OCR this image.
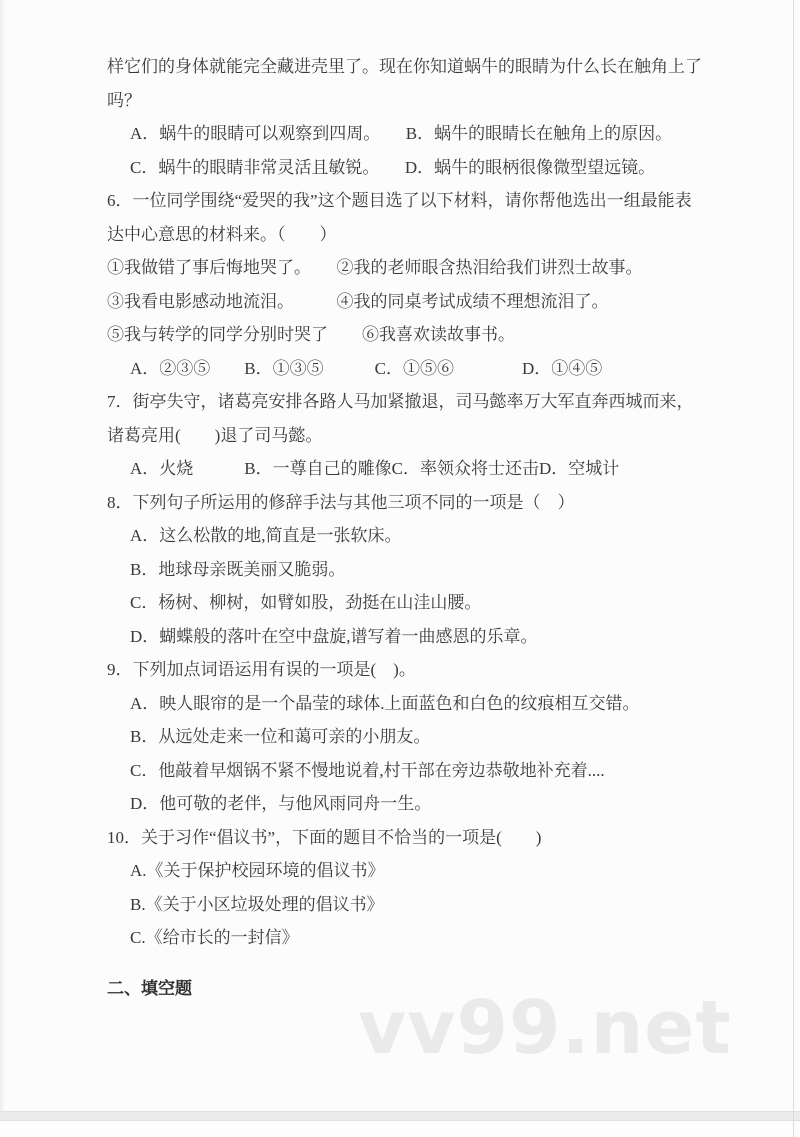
样它们的身体就能完全藏进壳里了。现在你知道蜗牛的眼睛为什么长在触角上了
吗？
A．蜗牛的眼睛可以观察到四周。　　B．蜗牛的眼睛长在触角上的原因。
C．蜗牛的眼睛非常灵活且敏锐。　　D．蜗牛的眼柄很像微型望远镜。
6．一位同学围绕“爱哭的我”这个题目选了以下材料，请你帮他选出一组最能表
达中心意思的材料来。（　　）
①我做错了事后悔地哭了。　　②我的老师眼含热泪给我们讲烈士故事。
③我看电影感动地流泪。　　　④我的同桌考试成绩不理想流泪了。
⑤我与转学的同学分别时哭了　　⑥我喜欢读故事书。
A．②③⑤　　B．①③⑤　　　C．①⑤⑥　　　　D．①④⑤
7．街亭失守，诸葛亮安排各路人马加紧撤退，司马懿率万大军直奔西城而来，
诸葛亮用(　　)退了司马懿。
A．火烧　　　B．一尊自己的雕像C．率领众将士还击D．空城计
8．下列句子所运用的修辞手法与其他三项不同的一项是（　）
A．这么松散的地,简直是一张软床。
B．地球母亲既美丽又脆弱。
C．杨树、柳树，如臂如股，劲挺在山洼山腰。
D．蝴蝶般的落叶在空中盘旋,谱写着一曲感恩的乐章。
9．下列加点词语运用有误的一项是(　)。
A．映人眼帘的是一个晶莹的球体.上面蓝色和白色的纹痕相互交错。
B．从远处走来一位和蔼可亲的小朋友。
C．他敲着早烟锅不紧不慢地说着,村干部在旁边恭敬地补充着....
D．他可敬的老伴，与他风雨同舟一生。
10．关于习作“倡议书”，下面的题目不恰当的一项是(　　)
A.《关于保护校园环境的倡议书》
B.《关于小区垃圾处理的倡议书》
C.《给市长的一封信》
二、填空题	vv99.net
